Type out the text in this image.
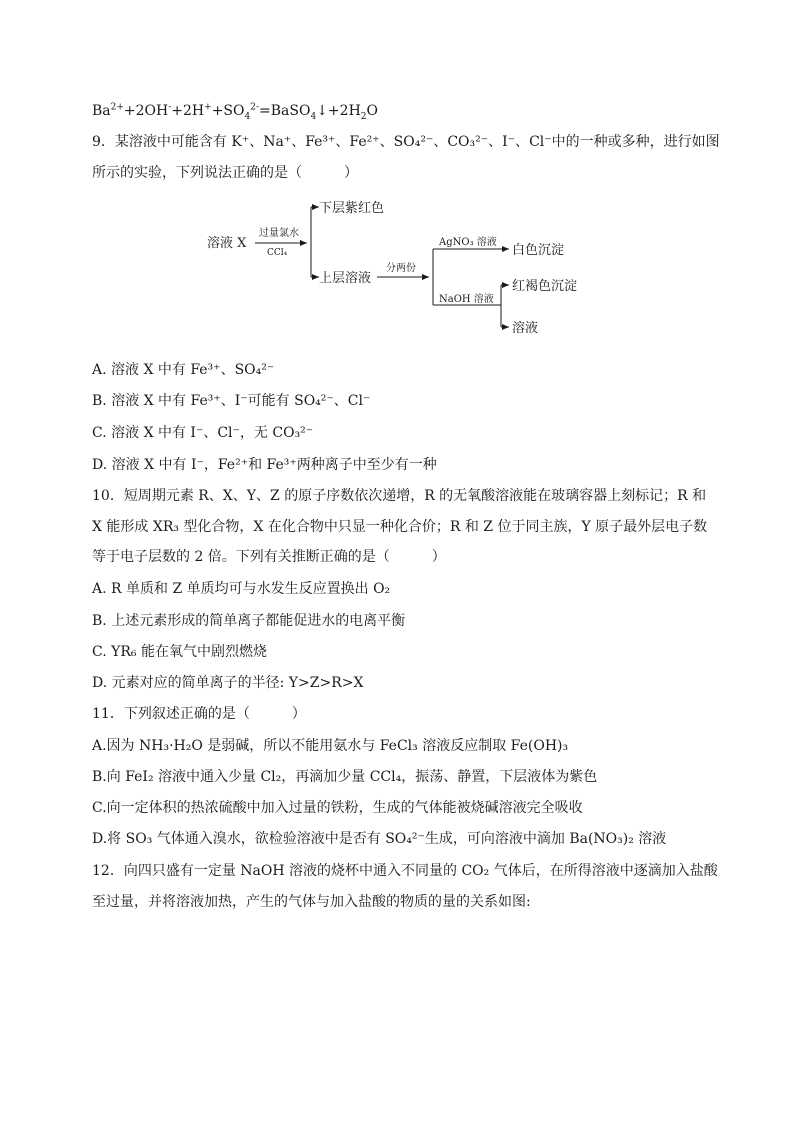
$Ba^{2+}+2OH^-+2H^++SO_4^{2-}=BaSO_4↓+2H_2O$
9．某溶液中可能含有 K⁺、Na⁺、Fe³⁺、Fe²⁺、SO₄²⁻、CO₃²⁻、I⁻、Cl⁻中的一种或多种，进行如图
所示的实验，下列说法正确的是（　　　）
溶液 X
过量氯水
CCl₄
下层紫红色
上层溶液
分两份
AgNO₃ 溶液
白色沉淀
NaOH 溶液
红褐色沉淀
溶液
A. 溶液 X 中有 Fe³⁺、SO₄²⁻
B. 溶液 X 中有 Fe³⁺、I⁻可能有 SO₄²⁻、Cl⁻
C. 溶液 X 中有 I⁻、Cl⁻，无 CO₃²⁻
D. 溶液 X 中有 I⁻，Fe²⁺和 Fe³⁺两种离子中至少有一种
10．短周期元素 R、X、Y、Z 的原子序数依次递增，R 的无氧酸溶液能在玻璃容器上刻标记；R 和
X 能形成 XR₃ 型化合物，X 在化合物中只显一种化合价；R 和 Z 位于同主族，Y 原子最外层电子数
等于电子层数的 2 倍。下列有关推断正确的是（　　　）
A. R 单质和 Z 单质均可与水发生反应置换出 O₂
B. 上述元素形成的简单离子都能促进水的电离平衡
C. YR₆ 能在氧气中剧烈燃烧
D. 元素对应的简单离子的半径: Y>Z>R>X
11．下列叙述正确的是（　　　）
A.因为 NH₃·H₂O 是弱碱，所以不能用氨水与 FeCl₃ 溶液反应制取 Fe(OH)₃
B.向 FeI₂ 溶液中通入少量 Cl₂，再滴加少量 CCl₄，振荡、静置，下层液体为紫色
C.向一定体积的热浓硫酸中加入过量的铁粉，生成的气体能被烧碱溶液完全吸收
D.将 SO₃ 气体通入溴水，欲检验溶液中是否有 SO₄²⁻生成，可向溶液中滴加 Ba(NO₃)₂ 溶液
12．向四只盛有一定量 NaOH 溶液的烧杯中通入不同量的 CO₂ 气体后，在所得溶液中逐滴加入盐酸
至过量，并将溶液加热，产生的气体与加入盐酸的物质的量的关系如图:
